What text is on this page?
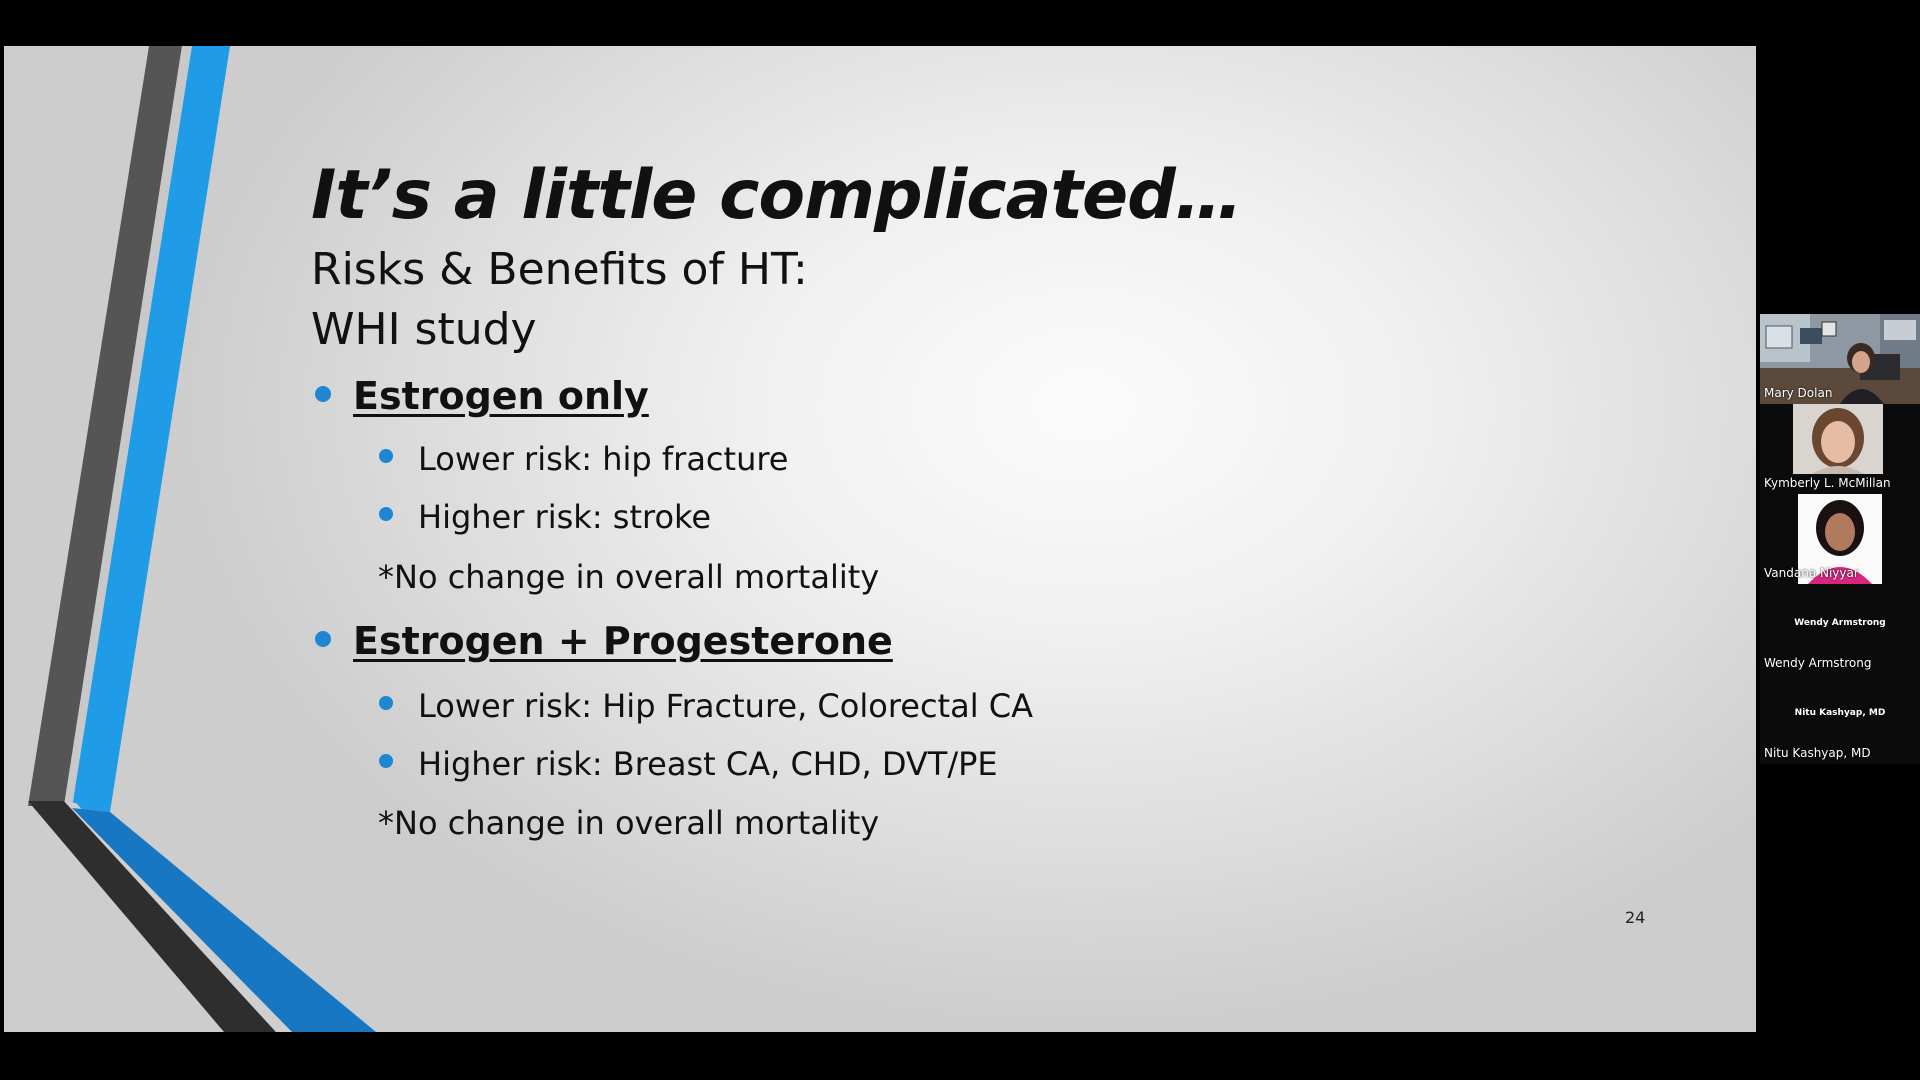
It’s a little complicated…
Risks & Benefits of HT:
WHI study
Estrogen only
Lower risk: hip fracture
Higher risk: stroke
*No change in overall mortality
Estrogen + Progesterone
Lower risk: Hip Fracture, Colorectal CA
Higher risk: Breast CA, CHD, DVT/PE
*No change in overall mortality
24
Mary Dolan
Kymberly L. McMillan
Vandana Niyyar
Wendy Armstrong
Wendy Armstrong
Nitu Kashyap, MD
Nitu Kashyap, MD
